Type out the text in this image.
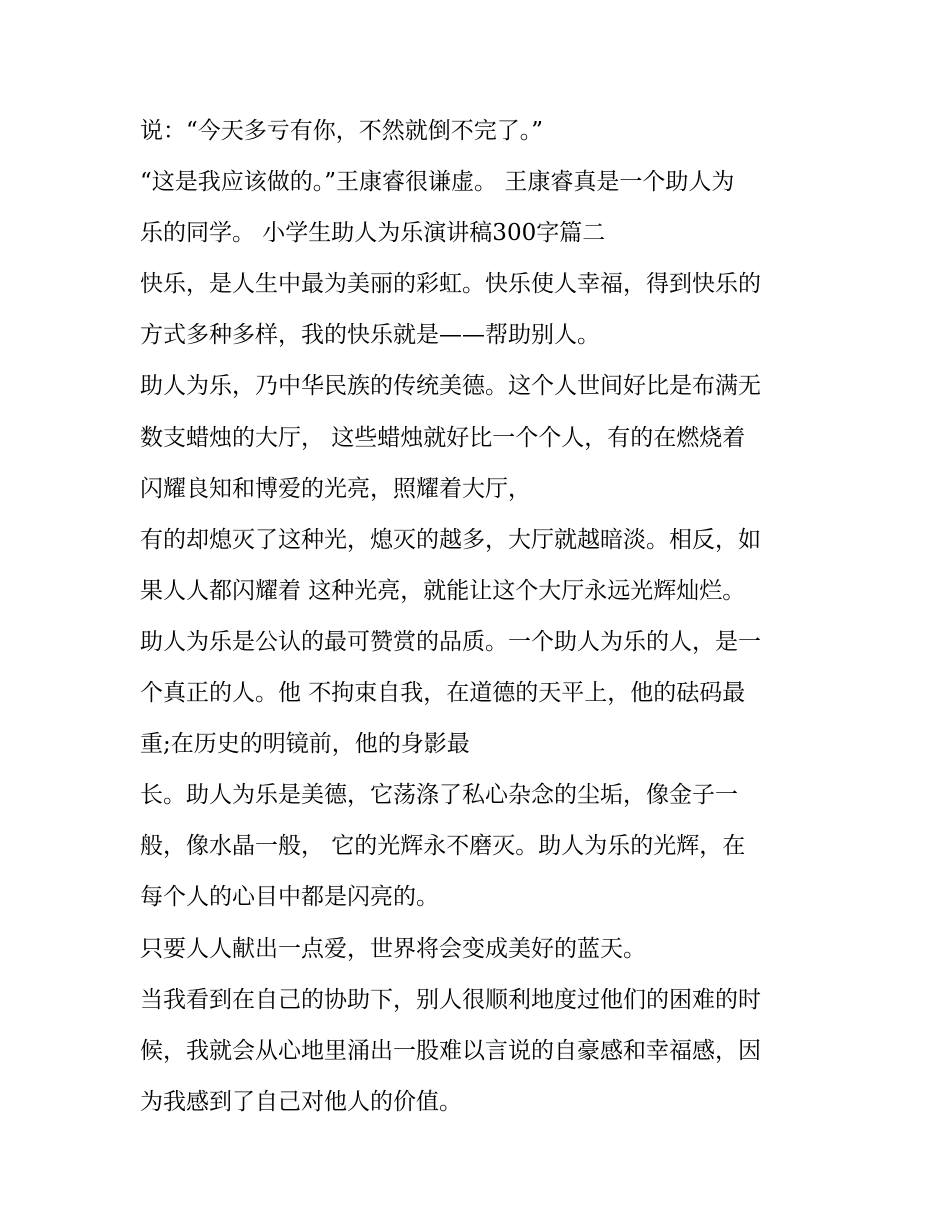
说：“今天多亏有你，不然就倒不完了。”
“这是我应该做的。”王康睿很谦虚。 王康睿真是一个助人为
乐的同学。 小学生助人为乐演讲稿300字篇二
快乐，是人生中最为美丽的彩虹。快乐使人幸福，得到快乐的
方式多种多样，我的快乐就是——帮助别人。
助人为乐，乃中华民族的传统美德。这个人世间好比是布满无
数支蜡烛的大厅， 这些蜡烛就好比一个个人，有的在燃烧着
闪耀良知和博爱的光亮，照耀着大厅，
有的却熄灭了这种光，熄灭的越多，大厅就越暗淡。相反，如
果人人都闪耀着 这种光亮，就能让这个大厅永远光辉灿烂。
助人为乐是公认的最可赞赏的品质。一个助人为乐的人，是一
个真正的人。他 不拘束自我，在道德的天平上，他的砝码最
重;在历史的明镜前，他的身影最
长。助人为乐是美德，它荡涤了私心杂念的尘垢，像金子一
般，像水晶一般， 它的光辉永不磨灭。助人为乐的光辉，在
每个人的心目中都是闪亮的。
只要人人献出一点爱，世界将会变成美好的蓝天。
当我看到在自己的协助下，别人很顺利地度过他们的困难的时
候，我就会从心地里涌出一股难以言说的自豪感和幸福感，因
为我感到了自己对他人的价值。
